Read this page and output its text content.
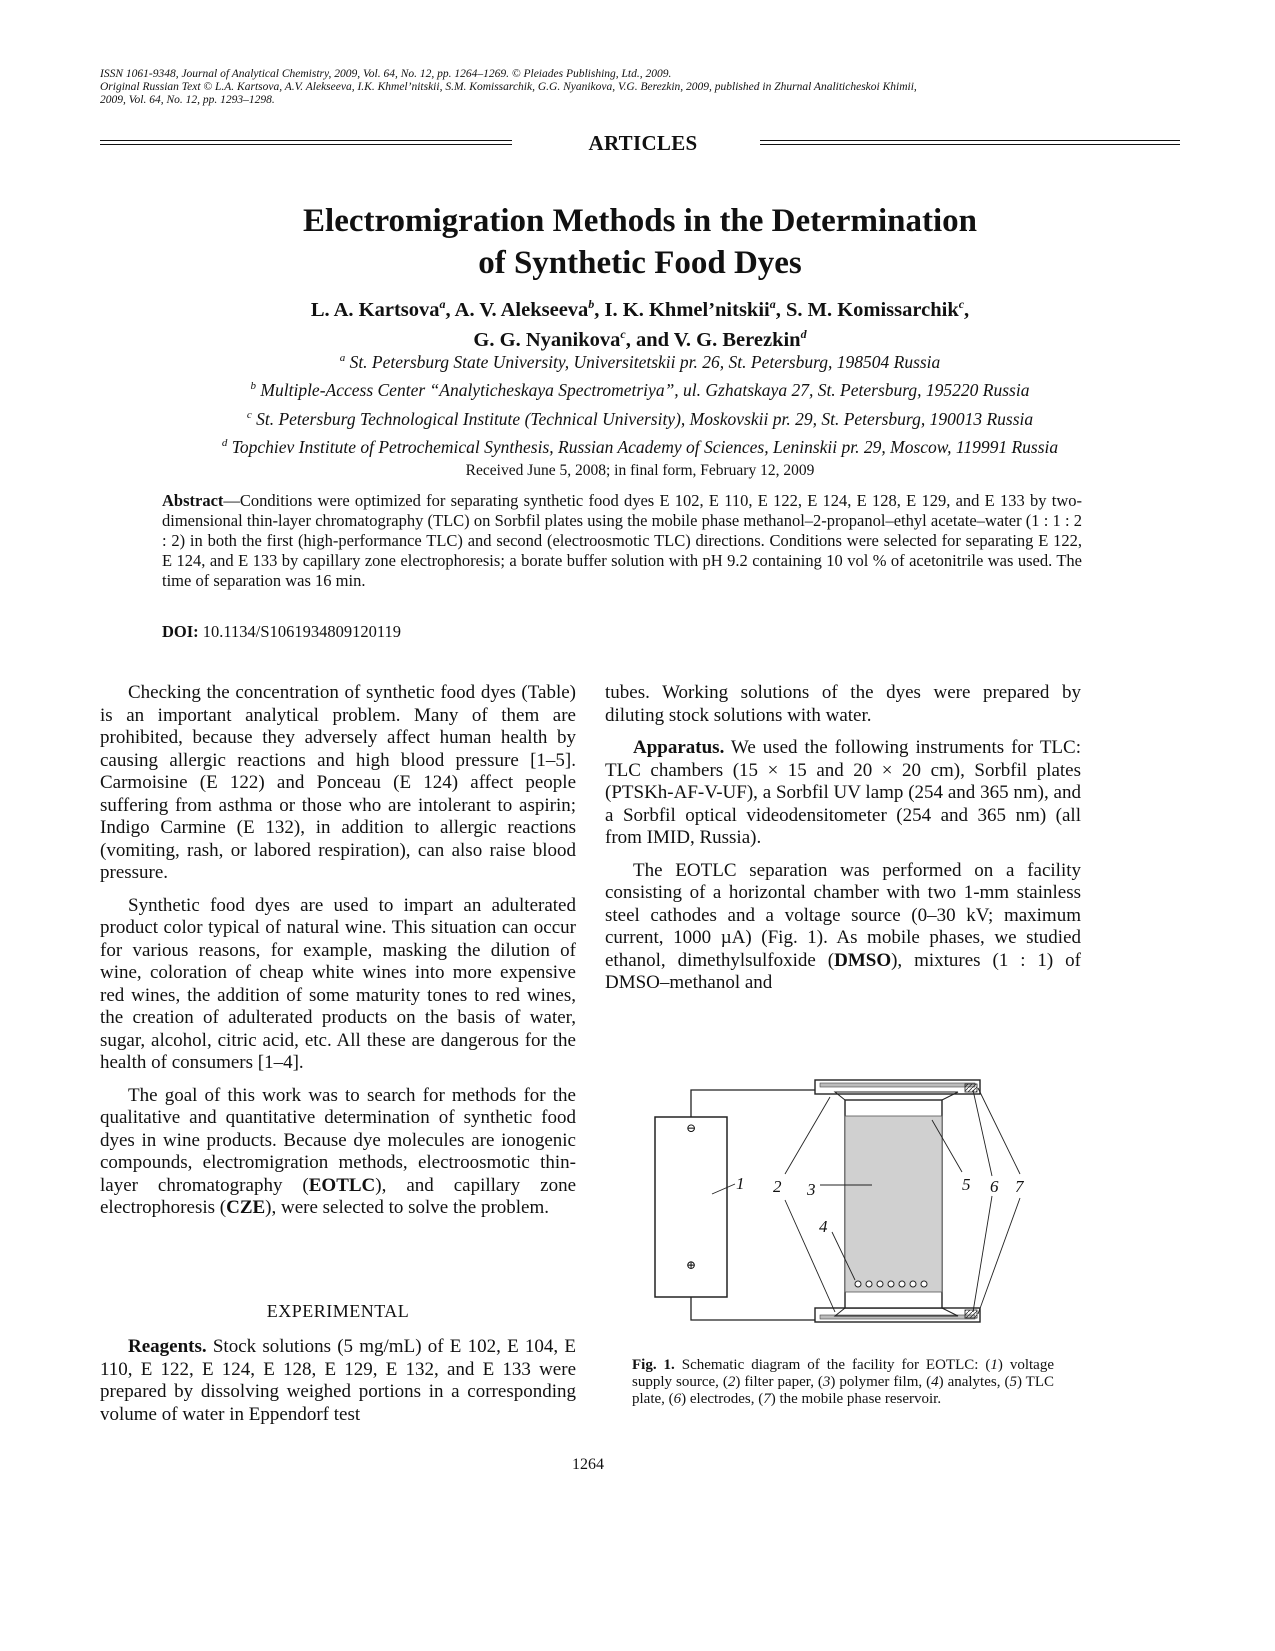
ISSN 1061-9348, Journal of Analytical Chemistry, 2009, Vol. 64, No. 12, pp. 1264–1269. © Pleiades Publishing, Ltd., 2009.
Original Russian Text © L.A. Kartsova, A.V. Alekseeva, I.K. Khmel’nitskii, S.M. Komissarchik, G.G. Nyanikova, V.G. Berezkin, 2009, published in Zhurnal Analiticheskoi Khimii,
2009, Vol. 64, No. 12, pp. 1293–1298.
ARTICLES
Electromigration Methods in the Determination
of Synthetic Food Dyes
L. A. Kartsova$^a$, A. V. Alekseeva$^b$, I. K. Khmel’nitskii$^a$, S. M. Komissarchik$^c$,
G. G. Nyanikova$^c$, and V. G. Berezkin$^d$
$^a$ St. Petersburg State University, Universitetskii pr. 26, St. Petersburg, 198504 Russia
$^b$ Multiple-Access Center “Analyticheskaya Spectrometriya”, ul. Gzhatskaya 27, St. Petersburg, 195220 Russia
$^c$ St. Petersburg Technological Institute (Technical University), Moskovskii pr. 29, St. Petersburg, 190013 Russia
$^d$ Topchiev Institute of Petrochemical Synthesis, Russian Academy of Sciences, Leninskii pr. 29, Moscow, 119991 Russia
Received June 5, 2008; in final form, February 12, 2009
Abstract—Conditions were optimized for separating synthetic food dyes E 102, E 110, E 122, E 124, E 128, E 129, and E 133 by two-dimensional thin-layer chromatography (TLC) on Sorbfil plates using the mobile phase methanol–2-propanol–ethyl acetate–water (1 : 1 : 2 : 2) in both the first (high-performance TLC) and second (electroosmotic TLC) directions. Conditions were selected for separating E 122, E 124, and E 133 by capillary zone electrophoresis; a borate buffer solution with pH 9.2 containing 10 vol % of acetonitrile was used. The time of separation was 16 min.
DOI: 10.1134/S1061934809120119

Checking the concentration of synthetic food dyes (Table) is an important analytical problem. Many of them are prohibited, because they adversely affect human health by causing allergic reactions and high blood pressure [1–5]. Carmoisine (E 122) and Ponceau (E 124) affect people suffering from asthma or those who are intolerant to aspirin; Indigo Carmine (E 132), in addition to allergic reactions (vomiting, rash, or labored respiration), can also raise blood pressure.

Synthetic food dyes are used to impart an adulterated product color typical of natural wine. This situation can occur for various reasons, for example, masking the dilution of wine, coloration of cheap white wines into more expensive red wines, the addition of some maturity tones to red wines, the creation of adulterated products on the basis of water, sugar, alcohol, citric acid, etc. All these are dangerous for the health of consumers [1–4].

The goal of this work was to search for methods for the qualitative and quantitative determination of synthetic food dyes in wine products. Because dye molecules are ionogenic compounds, electromigration methods, electroosmotic thin-layer chromatography (EOTLC), and capillary zone electrophoresis (CZE), were selected to solve the problem.

EXPERIMENTAL

Reagents. Stock solutions (5 mg/mL) of E 102, E 104, E 110, E 122, E 124, E 128, E 129, E 132, and E 133 were prepared by dissolving weighed portions in a corresponding volume of water in Eppendorf test

tubes. Working solutions of the dyes were prepared by diluting stock solutions with water.

Apparatus. We used the following instruments for TLC: TLC chambers (15 × 15 and 20 × 20 cm), Sorbfil plates (PTSKh-AF-V-UF), a Sorbfil UV lamp (254 and 365 nm), and a Sorbfil optical videodensitometer (254 and 365 nm) (all from IMID, Russia).

The EOTLC separation was performed on a facility consisting of a horizontal chamber with two 1-mm stainless steel cathodes and a voltage source (0–30 kV; maximum current, 1000 µA) (Fig. 1). As mobile phases, we studied ethanol, dimethylsulfoxide (DMSO), mixtures (1 : 1) of DMSO–methanol and

⊖
⊕
1 2 3
4
5 6 7
Fig. 1. Schematic diagram of the facility for EOTLC: (1) voltage supply source, (2) filter paper, (3) polymer film, (4) analytes, (5) TLC plate, (6) electrodes, (7) the mobile phase reservoir.
1264
